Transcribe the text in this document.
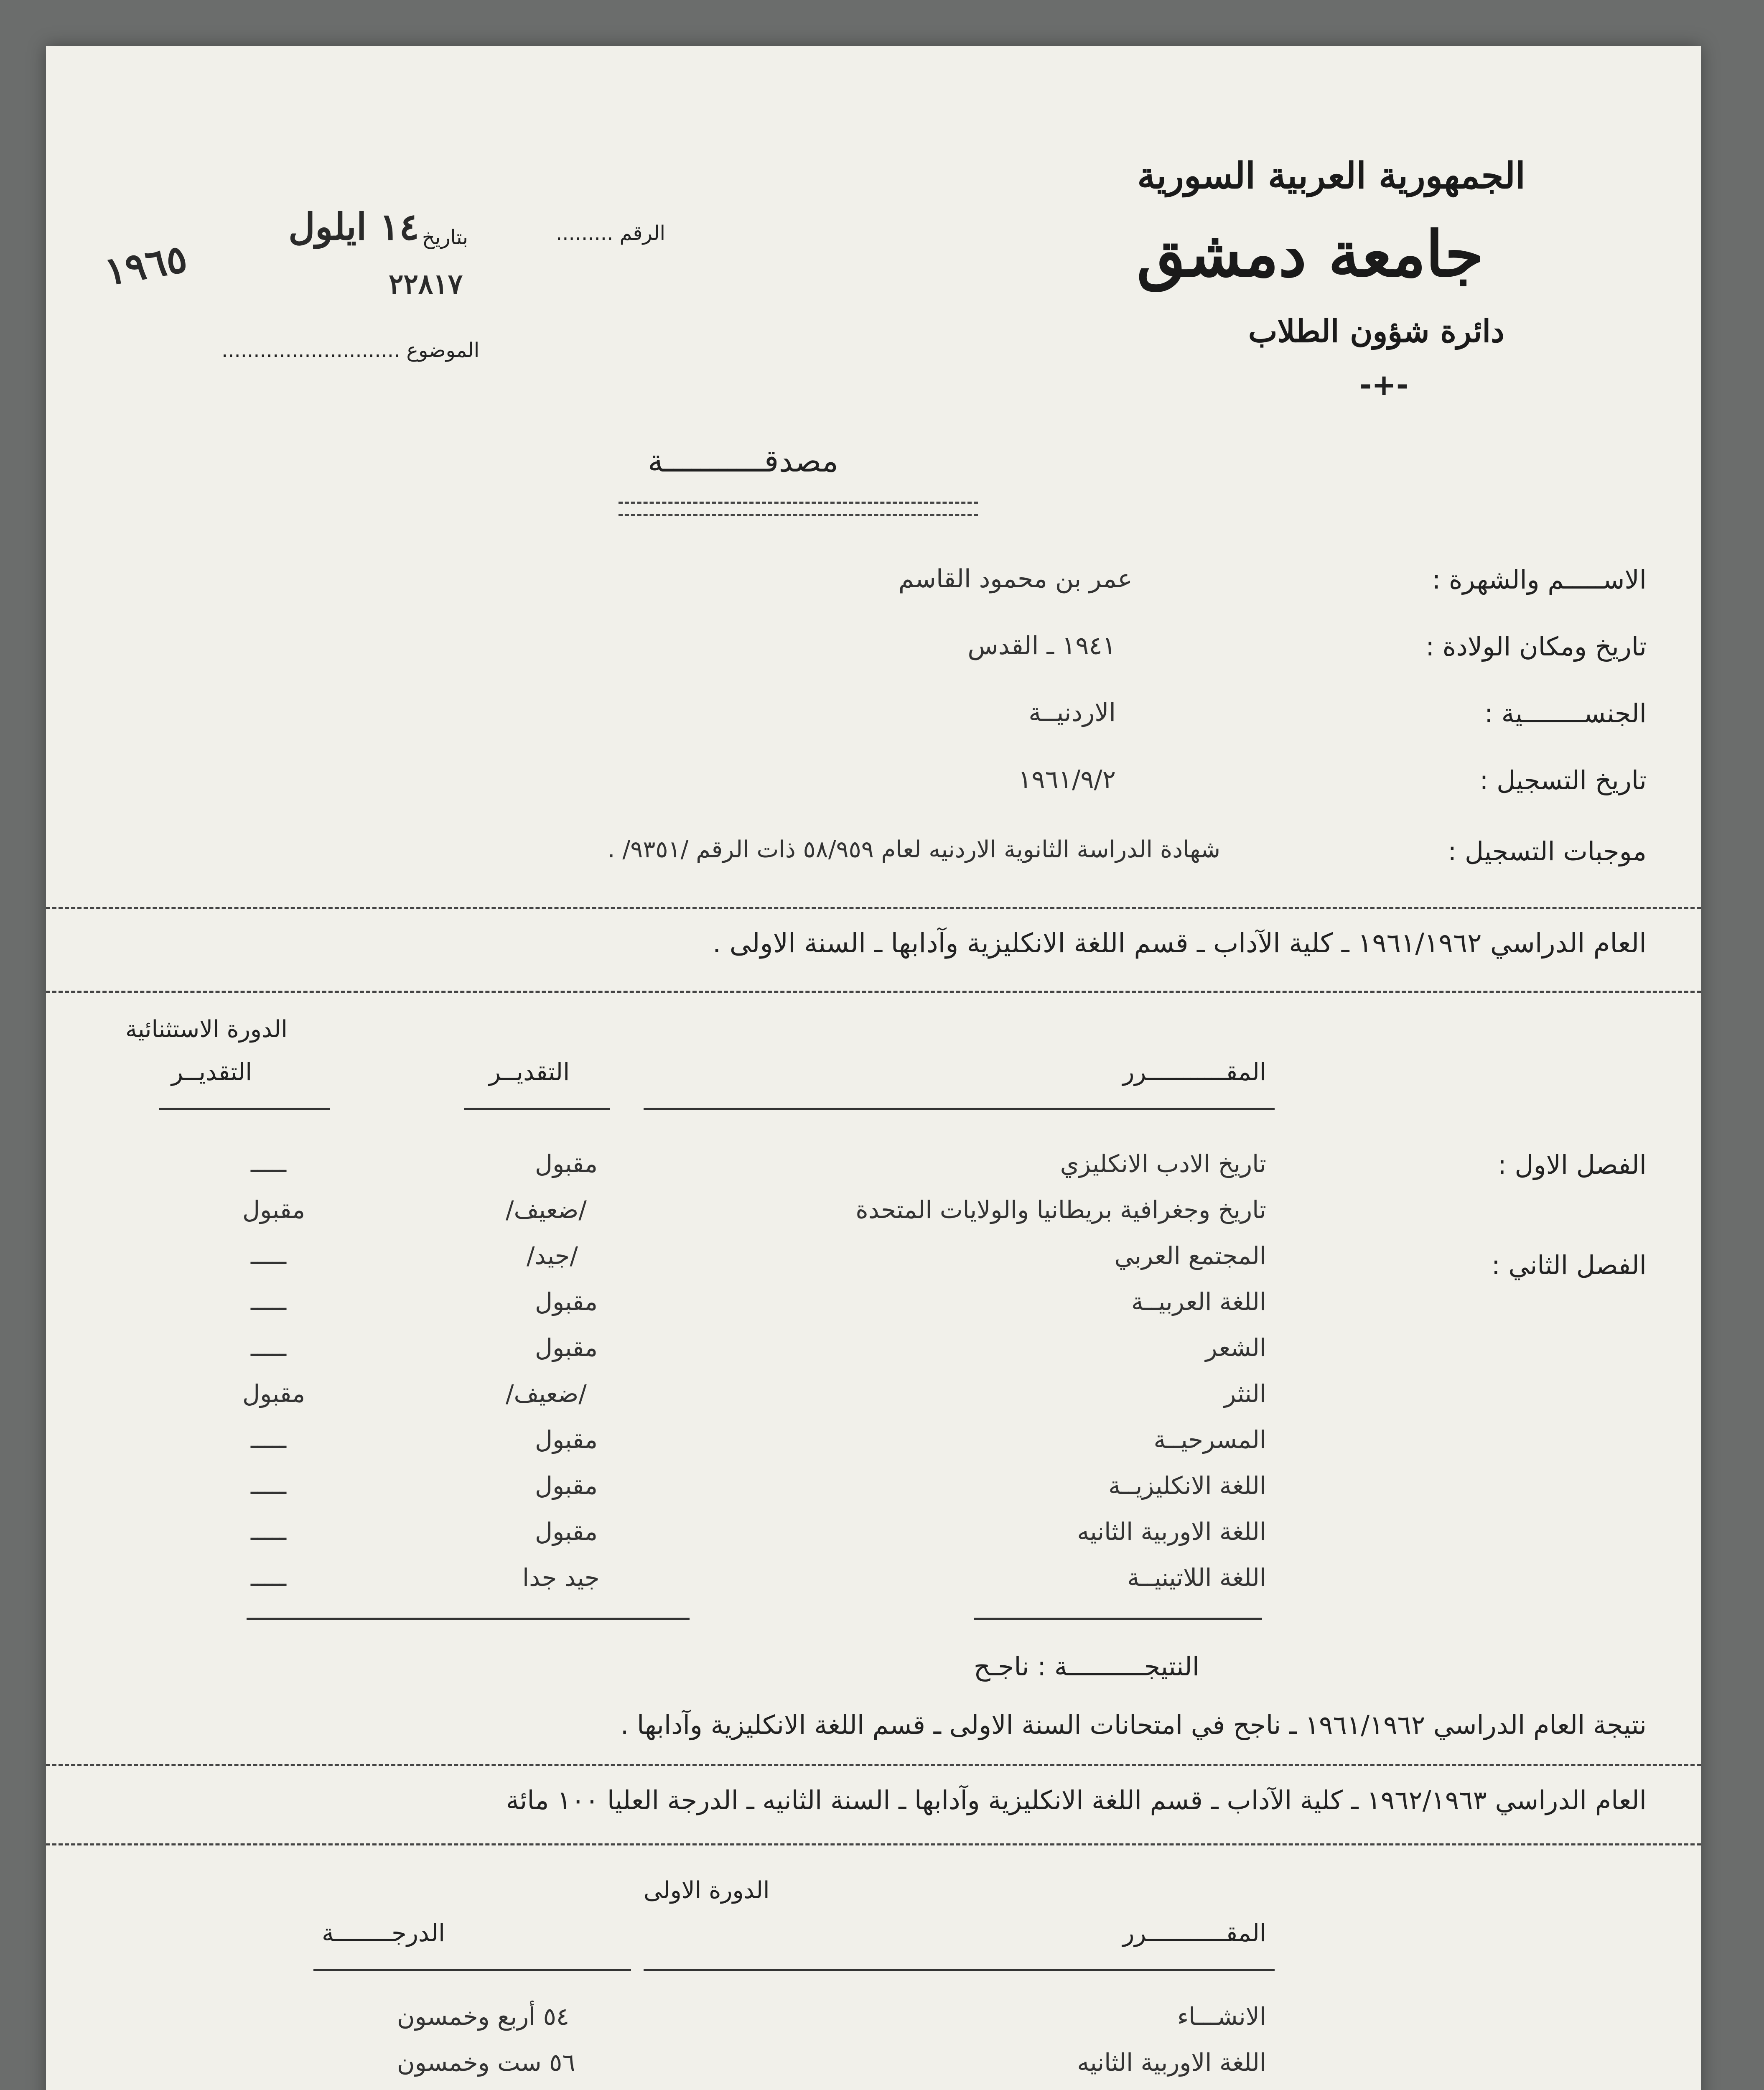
الجمهورية العربية السورية
جامعة دمشق
دائرة شؤون الطلاب
-+-
الرقم .........
بتاريخ
١٤ ايلول
١٩٦٥	٢٢٨١٧
الموضوع ............................
مصدقـــــــــــة
الاســـــم والشهرة :
عمر بن محمود القاسم
تاريخ ومكان الولادة :
١٩٤١ ـ القدس
الجنســــــــية :
الاردنيــة
تاريخ التسجيل :
١٩٦١/٩/٢
موجبات التسجيل :
شهادة الدراسة الثانوية الاردنيه لعام ٥٨/٩٥٩ ذات الرقم /٩٣٥١/ .
العام الدراسي ١٩٦١/١٩٦٢ ـ كلية الآداب ـ قسم اللغة الانكليزية وآدابها ـ السنة الاولى .
الدورة الاستثنائية
المقـــــــــــرر
التقديــر
التقديــر
الفصل الاول :
الفصل الثاني :
تاريخ الادب الانكليزي
مقبول
ـــــ
تاريخ وجغرافية بريطانيا والولايات المتحدة
/ضعيف/
مقبول
المجتمع العربي
/جيد/
ـــــ
اللغة العربيــة
مقبول
ـــــ
الشعر
مقبول
ـــــ
النثر
/ضعيف/
مقبول
المسرحيــة
مقبول
ـــــ
اللغة الانكليزيــة
مقبول
ـــــ
اللغة الاوربية الثانيه
مقبول
ـــــ
اللغة اللاتينيــة
جيد جدا
ـــــ
النتيجــــــــــة : ناجـح
نتيجة العام الدراسي ١٩٦١/١٩٦٢ ـ ناجح في امتحانات السنة الاولى ـ قسم اللغة الانكليزية وآدابها .
العام الدراسي ١٩٦٢/١٩٦٣ ـ كلية الآداب ـ قسم اللغة الانكليزية وآدابها ـ السنة الثانيه ـ الدرجة العليا ١٠٠ مائة
الدورة الاولى
المقـــــــــــرر
الدرجــــــــة
الانشـــاء
٥٤ أربع وخمسون
اللغة الاوربية الثانيه
٥٦ ست وخمسون
